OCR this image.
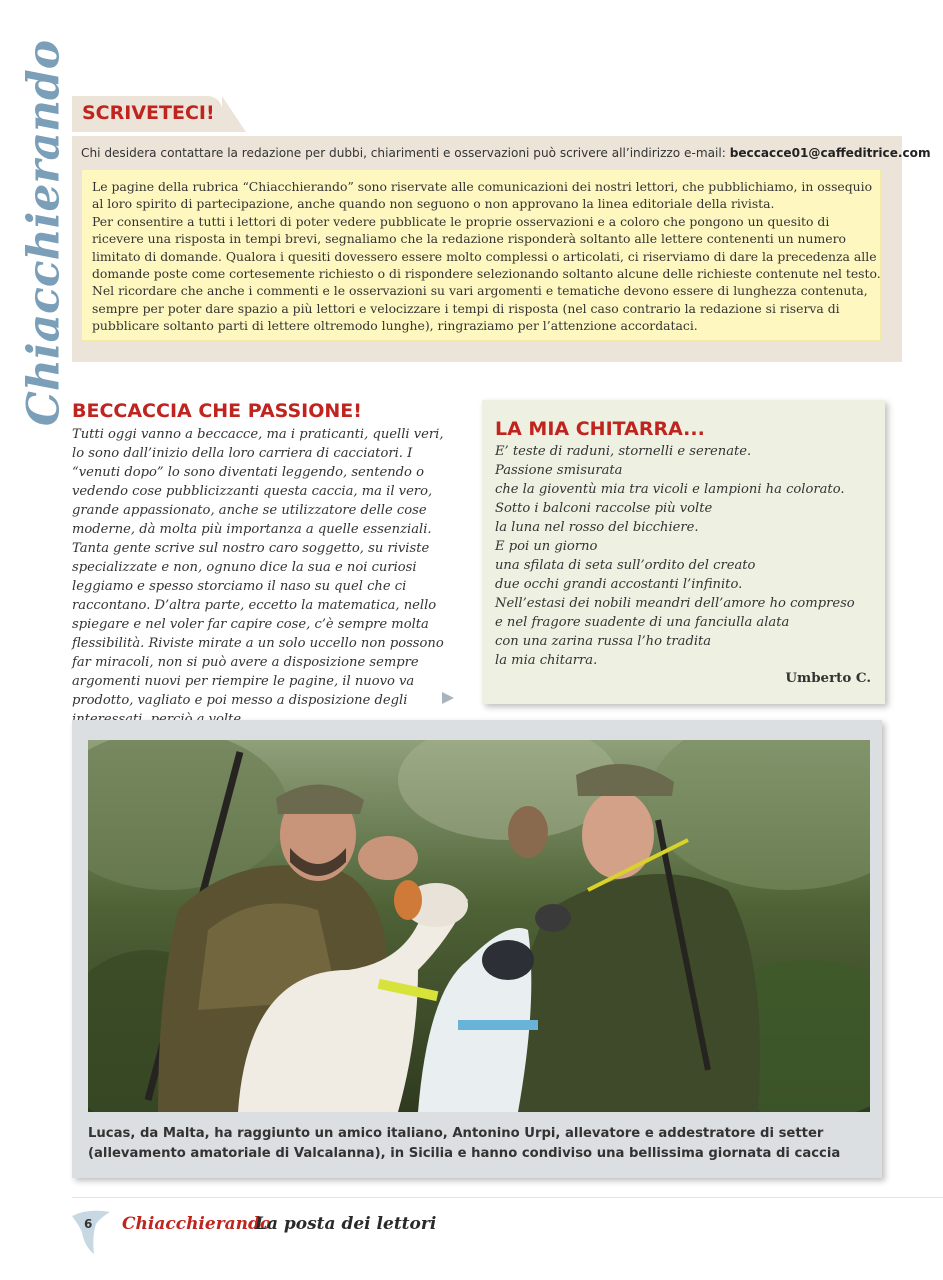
Chiacchierando SCRIVETECI!
Chi desidera contattare la redazione per dubbi, chiarimenti e osservazioni può scrivere all’indirizzo e-mail: beccacce01@caffeditrice.com
Le pagine della rubrica “Chiacchierando” sono riservate alle comunicazioni dei nostri lettori, che pubblichiamo, in ossequio al loro spirito di partecipazione, anche quando non seguono o non approvano la linea editoriale della rivista.
Per consentire a tutti i lettori di poter vedere pubblicate le proprie osservazioni e a coloro che pongono un quesito di ricevere una risposta in tempi brevi, segnaliamo che la redazione risponderà soltanto alle lettere contenenti un numero limitato di domande. Qualora i quesiti dovessero essere molto complessi o articolati, ci riserviamo di dare la precedenza alle domande poste come cortesemente richiesto o di rispondere selezionando soltanto alcune delle richieste contenute nel testo. Nel ricordare che anche i commenti e le osservazioni su vari argomenti e tematiche devono essere di lunghezza contenuta, sempre per poter dare spazio a più lettori e velocizzare i tempi di risposta (nel caso contrario la redazione si riserva di pubblicare soltanto parti di lettere oltremodo lunghe), ringraziamo per l’attenzione accordataci.
BECCACCIA CHE PASSIONE!
Tutti oggi vanno a beccacce, ma i praticanti, quelli veri, lo sono dall’inizio della loro carriera di cacciatori. I “venuti dopo” lo sono diventati leggendo, sentendo o vedendo cose pubblicizzanti questa caccia, ma il vero, grande appassionato, anche se utilizzatore delle cose moderne, dà molta più importanza a quelle essenziali. Tanta gente scrive sul nostro caro soggetto, su riviste specializzate e non, ognuno dice la sua e noi curiosi leggiamo e spesso storciamo il naso su quel che ci raccontano. D’altra parte, eccetto la matematica, nello spiegare e nel voler far capire cose, c’è sempre molta flessibilità. Riviste mirate a un solo uccello non possono far miracoli, non si può avere a disposizione sempre argomenti nuovi per riempire le pagine, il nuovo va prodotto, vagliato e poi messo a disposizione degli
LA MIA CHITARRA...
E’ teste di raduni, stornelli e serenate.
Passione smisurata
che la gioventù mia tra vicoli e lampioni ha colorato.
Sotto i balconi raccolse più volte
la luna nel rosso del bicchiere.
E poi un giorno
una sfilata di seta sull’ordito del creato
due occhi grandi accostanti l’infinito.
Nell’estasi dei nobili meandri dell’amore ho compreso
e nel fragore suadente di una fanciulla alata
con una zarina russa l’ho tradita
la mia chitarra.
Umberto C.
Lucas, da Malta, ha raggiunto un amico italiano, Antonino Urpi, allevatore e addestratore di setter (allevamento amatoriale di Valcalanna), in Sicilia e hanno condiviso una bellissima giornata di caccia
6 Chiacchierando
La posta dei lettori
